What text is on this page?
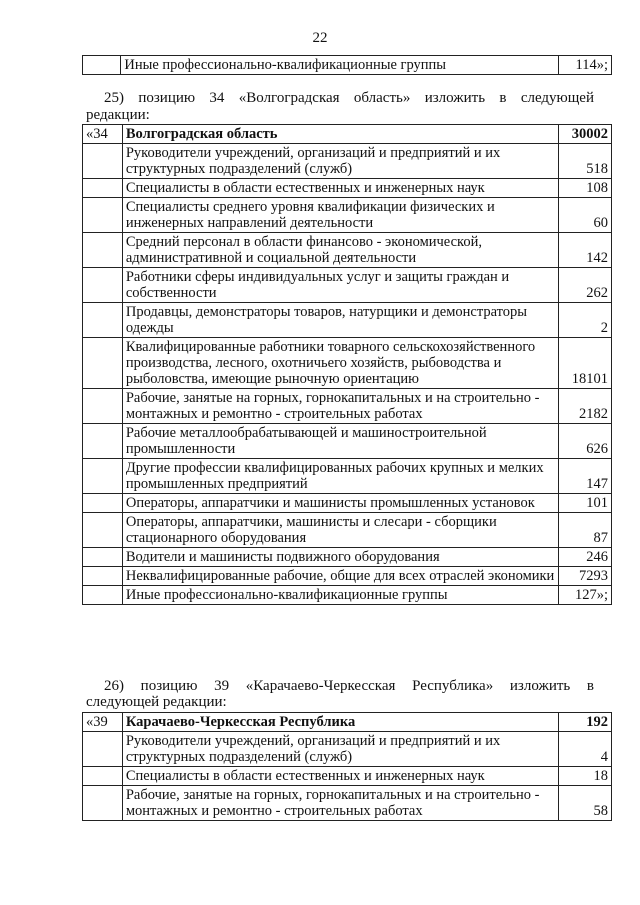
22
	Иные профессионально-квалификационные группы	114»;
25) позицию 34 «Волгоградская область» изложить в следующей
редакции:
«34	Волгоградская область	30002
	Руководители учреждений, организаций и предприятий и их структурных подразделений (служб)	518
	Специалисты в области естественных и инженерных наук	108
	Специалисты среднего уровня квалификации физических и инженерных направлений деятельности	60
	Средний персонал в области финансово - экономической, административной и социальной деятельности	142
	Работники сферы индивидуальных услуг и защиты граждан и собственности	262
	Продавцы, демонстраторы товаров, натурщики и демонстраторы одежды	2
	Квалифицированные работники товарного сельскохозяйственного производства, лесного, охотничьего хозяйств, рыбоводства и рыболовства, имеющие рыночную ориентацию	18101
	Рабочие, занятые на горных, горнокапитальных и на строительно - монтажных и ремонтно - строительных работах	2182
	Рабочие металлообрабатывающей и машиностроительной промышленности	626
	Другие профессии квалифицированных рабочих крупных и мелких промышленных предприятий	147
	Операторы, аппаратчики и машинисты промышленных установок	101
	Операторы, аппаратчики, машинисты и слесари - сборщики стационарного оборудования	87
	Водители и машинисты подвижного оборудования	246
	Неквалифицированные рабочие, общие для всех отраслей экономики	7293
	Иные профессионально-квалификационные группы	127»;
26) позицию 39 «Карачаево-Черкесская Республика» изложить в
следующей редакции:
«39	Карачаево-Черкесская Республика	192
	Руководители учреждений, организаций и предприятий и их структурных подразделений (служб)	4
	Специалисты в области естественных и инженерных наук	18
	Рабочие, занятые на горных, горнокапитальных и на строительно - монтажных и ремонтно - строительных работах	58
